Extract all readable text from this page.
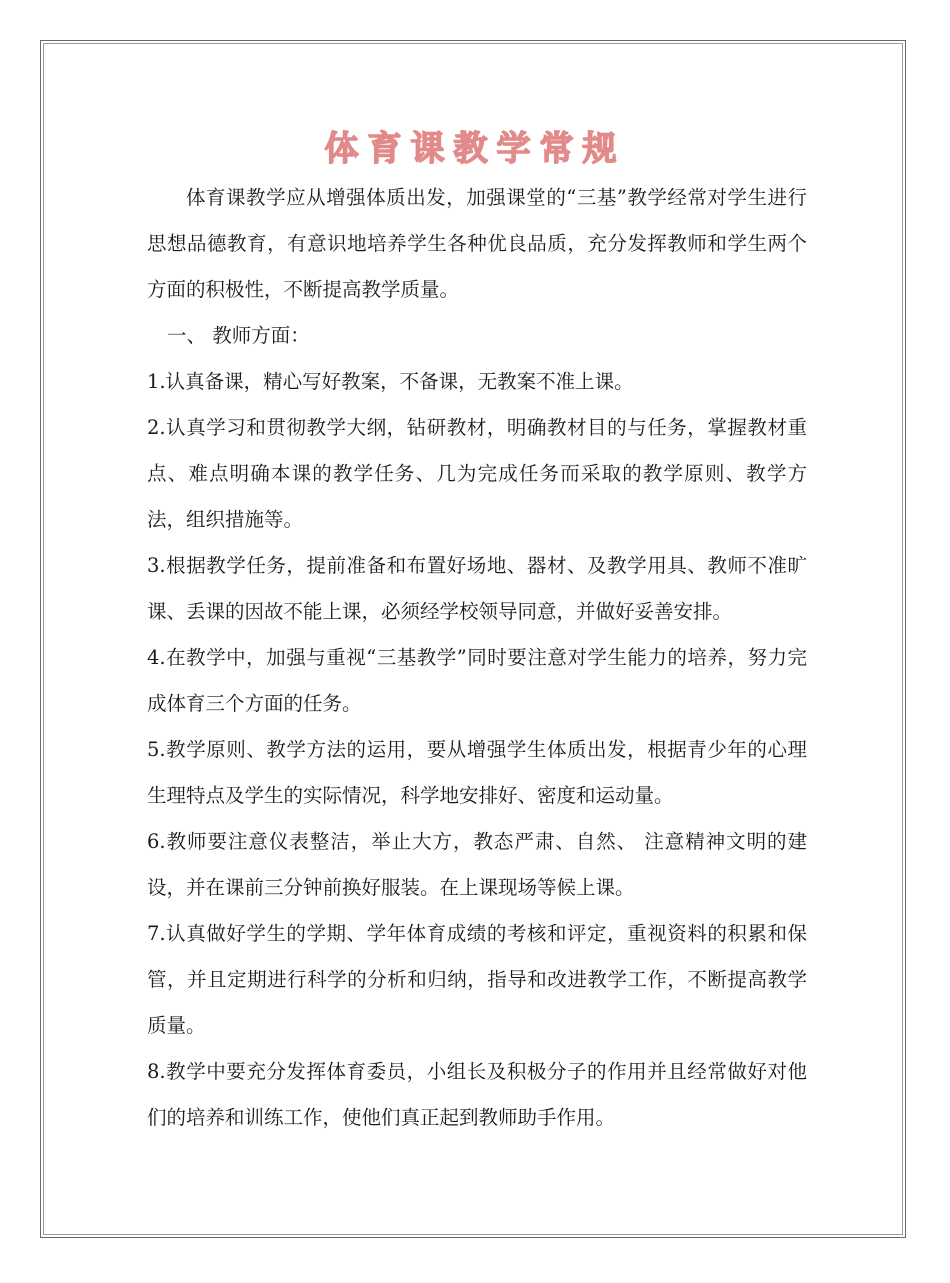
体育课教学常规

体育课教学应从增强体质出发，加强课堂的“三基”教学经常对学生进行思想品德教育，有意识地培养学生各种优良品质，充分发挥教师和学生两个方面的积极性，不断提高教学质量。

一、 教师方面：

1.认真备课，精心写好教案，不备课，无教案不准上课。

2.认真学习和贯彻教学大纲，钻研教材，明确教材目的与任务，掌握教材重点、难点明确本课的教学任务、几为完成任务而采取的教学原则、教学方法，组织措施等。

3.根据教学任务，提前准备和布置好场地、器材、及教学用具、教师不准旷课、丢课的因故不能上课，必须经学校领导同意，并做好妥善安排。

4.在教学中，加强与重视“三基教学”同时要注意对学生能力的培养，努力完成体育三个方面的任务。

5.教学原则、教学方法的运用，要从增强学生体质出发，根据青少年的心理生理特点及学生的实际情况，科学地安排好、密度和运动量。

6.教师要注意仪表整洁，举止大方，教态严肃、自然、 注意精神文明的建设，并在课前三分钟前换好服装。在上课现场等候上课。

7.认真做好学生的学期、学年体育成绩的考核和评定，重视资料的积累和保管，并且定期进行科学的分析和归纳，指导和改进教学工作，不断提高教学质量。

8.教学中要充分发挥体育委员，小组长及积极分子的作用并且经常做好对他们的培养和训练工作，使他们真正起到教师助手作用。
